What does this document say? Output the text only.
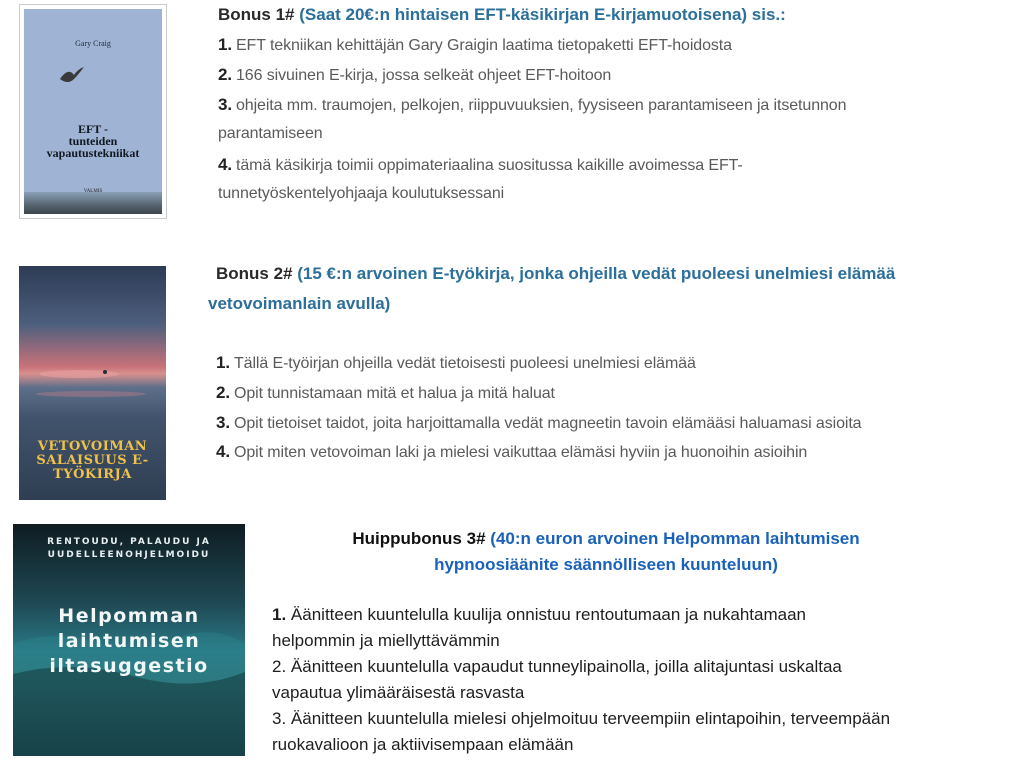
Gary Craig
EFT -
tunteiden
vapautustekniikat
Bonus 1# (Saat 20€:n hintaisen EFT-käsikirjan E-kirjamuotoisena) sis.:
1. EFT tekniikan kehittäjän Gary Graigin laatima tietopaketti EFT-hoidosta
2. 166 sivuinen E-kirja, jossa selkeät ohjeet EFT-hoitoon
3. ohjeita mm. traumojen, pelkojen, riippuvuuksien, fyysiseen parantamiseen ja itsetunnon
parantamiseen
4. tämä käsikirja toimii oppimateriaalina suositussa kaikille avoimessa EFT-
tunnetyöskentelyohjaaja koulutuksessani
VETOVOIMAN
SALAISUUS E-
TYÖKIRJA
Bonus 2# (15 €:n arvoinen E-työkirja, jonka ohjeilla vedät puoleesi unelmiesi elämää
vetovoimanlain avulla)
1. Tällä E-työirjan ohjeilla vedät tietoisesti puoleesi unelmiesi elämää
2. Opit tunnistamaan mitä et halua ja mitä haluat
3. Opit tietoiset taidot, joita harjoittamalla vedät magneetin tavoin elämääsi haluamasi asioita
4. Opit miten vetovoiman laki ja mielesi vaikuttaa elämäsi hyviin ja huonoihin asioihin
RENTOUDU, PALAUDU JA
UUDELLEENOHJELMOIDU
Helpomman
laihtumisen
iltasuggestio
Huippubonus 3# (40:n euron arvoinen Helpomman laihtumisen
hypnoosiäänite säännölliseen kuunteluun)
1. Äänitteen kuuntelulla kuulija onnistuu rentoutumaan ja nukahtamaan
helpommin ja miellyttävämmin
2. Äänitteen kuuntelulla vapaudut tunneylipainolla, joilla alitajuntasi uskaltaa
vapautua ylimääräisestä rasvasta
3. Äänitteen kuuntelulla mielesi ohjelmoituu terveempiin elintapoihin, terveempään
ruokavalioon ja aktiivisempaan elämään
